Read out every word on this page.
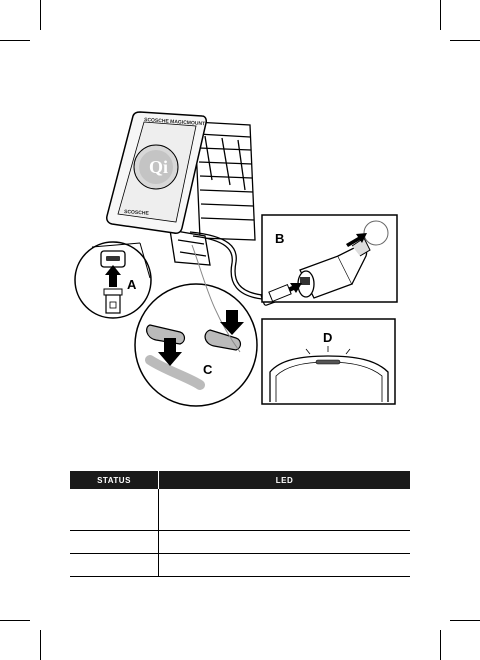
Qi
SCOSCHE MAGICMOUNT
SCOSCHE
A
B
C
D
STATUS	LED
